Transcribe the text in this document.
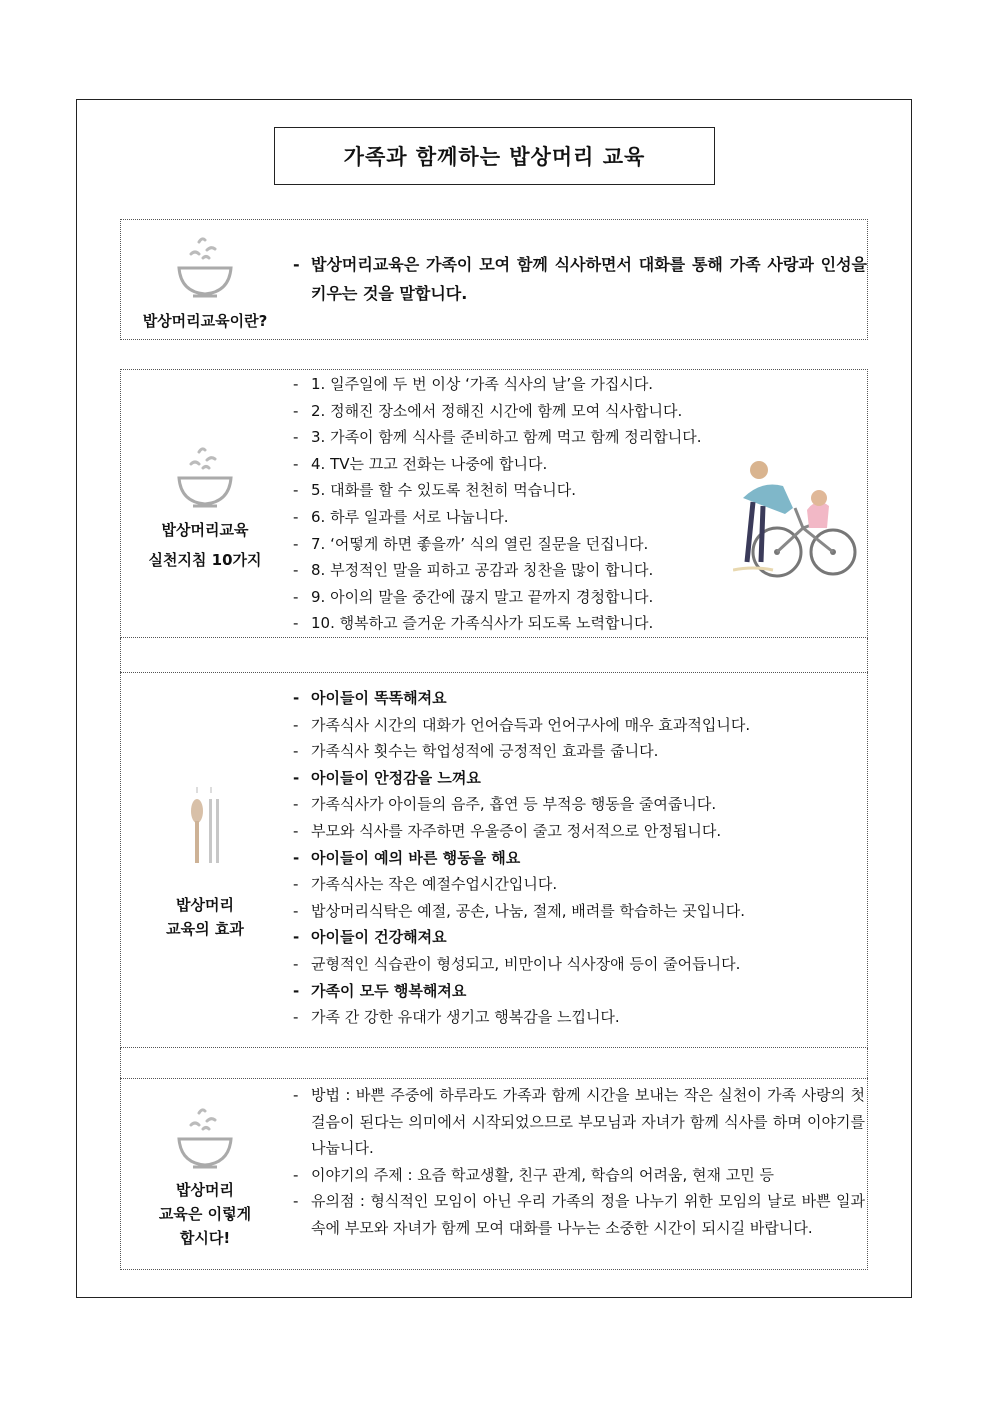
가족과 함께하는 밥상머리 교육
밥상머리교육이란?
- 밥상머리교육은 가족이 모여 함께 식사하면서 대화를 통해 가족 사랑과 인성을 키우는 것을 말합니다.
밥상머리교육
실천지침 10가지
- 1. 일주일에 두 번 이상 ‘가족 식사의 날’을 가집시다.
- 2. 정해진 장소에서 정해진 시간에 함께 모여 식사합니다.
- 3. 가족이 함께 식사를 준비하고 함께 먹고 함께 정리합니다.
- 4. TV는 끄고 전화는 나중에 합니다.
- 5. 대화를 할 수 있도록 천천히 먹습니다.
- 6. 하루 일과를 서로 나눕니다.
- 7. ‘어떻게 하면 좋을까’ 식의 열린 질문을 던집니다.
- 8. 부정적인 말을 피하고 공감과 칭찬을 많이 합니다.
- 9. 아이의 말을 중간에 끊지 말고 끝까지 경청합니다.
- 10. 행복하고 즐거운 가족식사가 되도록 노력합니다.
밥상머리
교육의 효과
- 아이들이 똑똑해져요
- 가족식사 시간의 대화가 언어습득과 언어구사에 매우 효과적입니다.
- 가족식사 횟수는 학업성적에 긍정적인 효과를 줍니다.
- 아이들이 안정감을 느껴요
- 가족식사가 아이들의 음주, 흡연 등 부적응 행동을 줄여줍니다.
- 부모와 식사를 자주하면 우울증이 줄고 정서적으로 안정됩니다.
- 아이들이 예의 바른 행동을 해요
- 가족식사는 작은 예절수업시간입니다.
- 밥상머리식탁은 예절, 공손, 나눔, 절제, 배려를 학습하는 곳입니다.
- 아이들이 건강해져요
- 균형적인 식습관이 형성되고, 비만이나 식사장애 등이 줄어듭니다.
- 가족이 모두 행복해져요
- 가족 간 강한 유대가 생기고 행복감을 느낍니다.
밥상머리
교육은 이렇게
합시다!
- 방법 : 바쁜 주중에 하루라도 가족과 함께 시간을 보내는 작은 실천이 가족 사랑의 첫걸음이 된다는 의미에서 시작되었으므로 부모님과 자녀가 함께 식사를 하며 이야기를 나눕니다.
- 이야기의 주제 : 요즘 학교생활, 친구 관계, 학습의 어려움, 현재 고민 등
- 유의점 : 형식적인 모임이 아닌 우리 가족의 정을 나누기 위한 모임의 날로 바쁜 일과 속에 부모와 자녀가 함께 모여 대화를 나누는 소중한 시간이 되시길 바랍니다.
